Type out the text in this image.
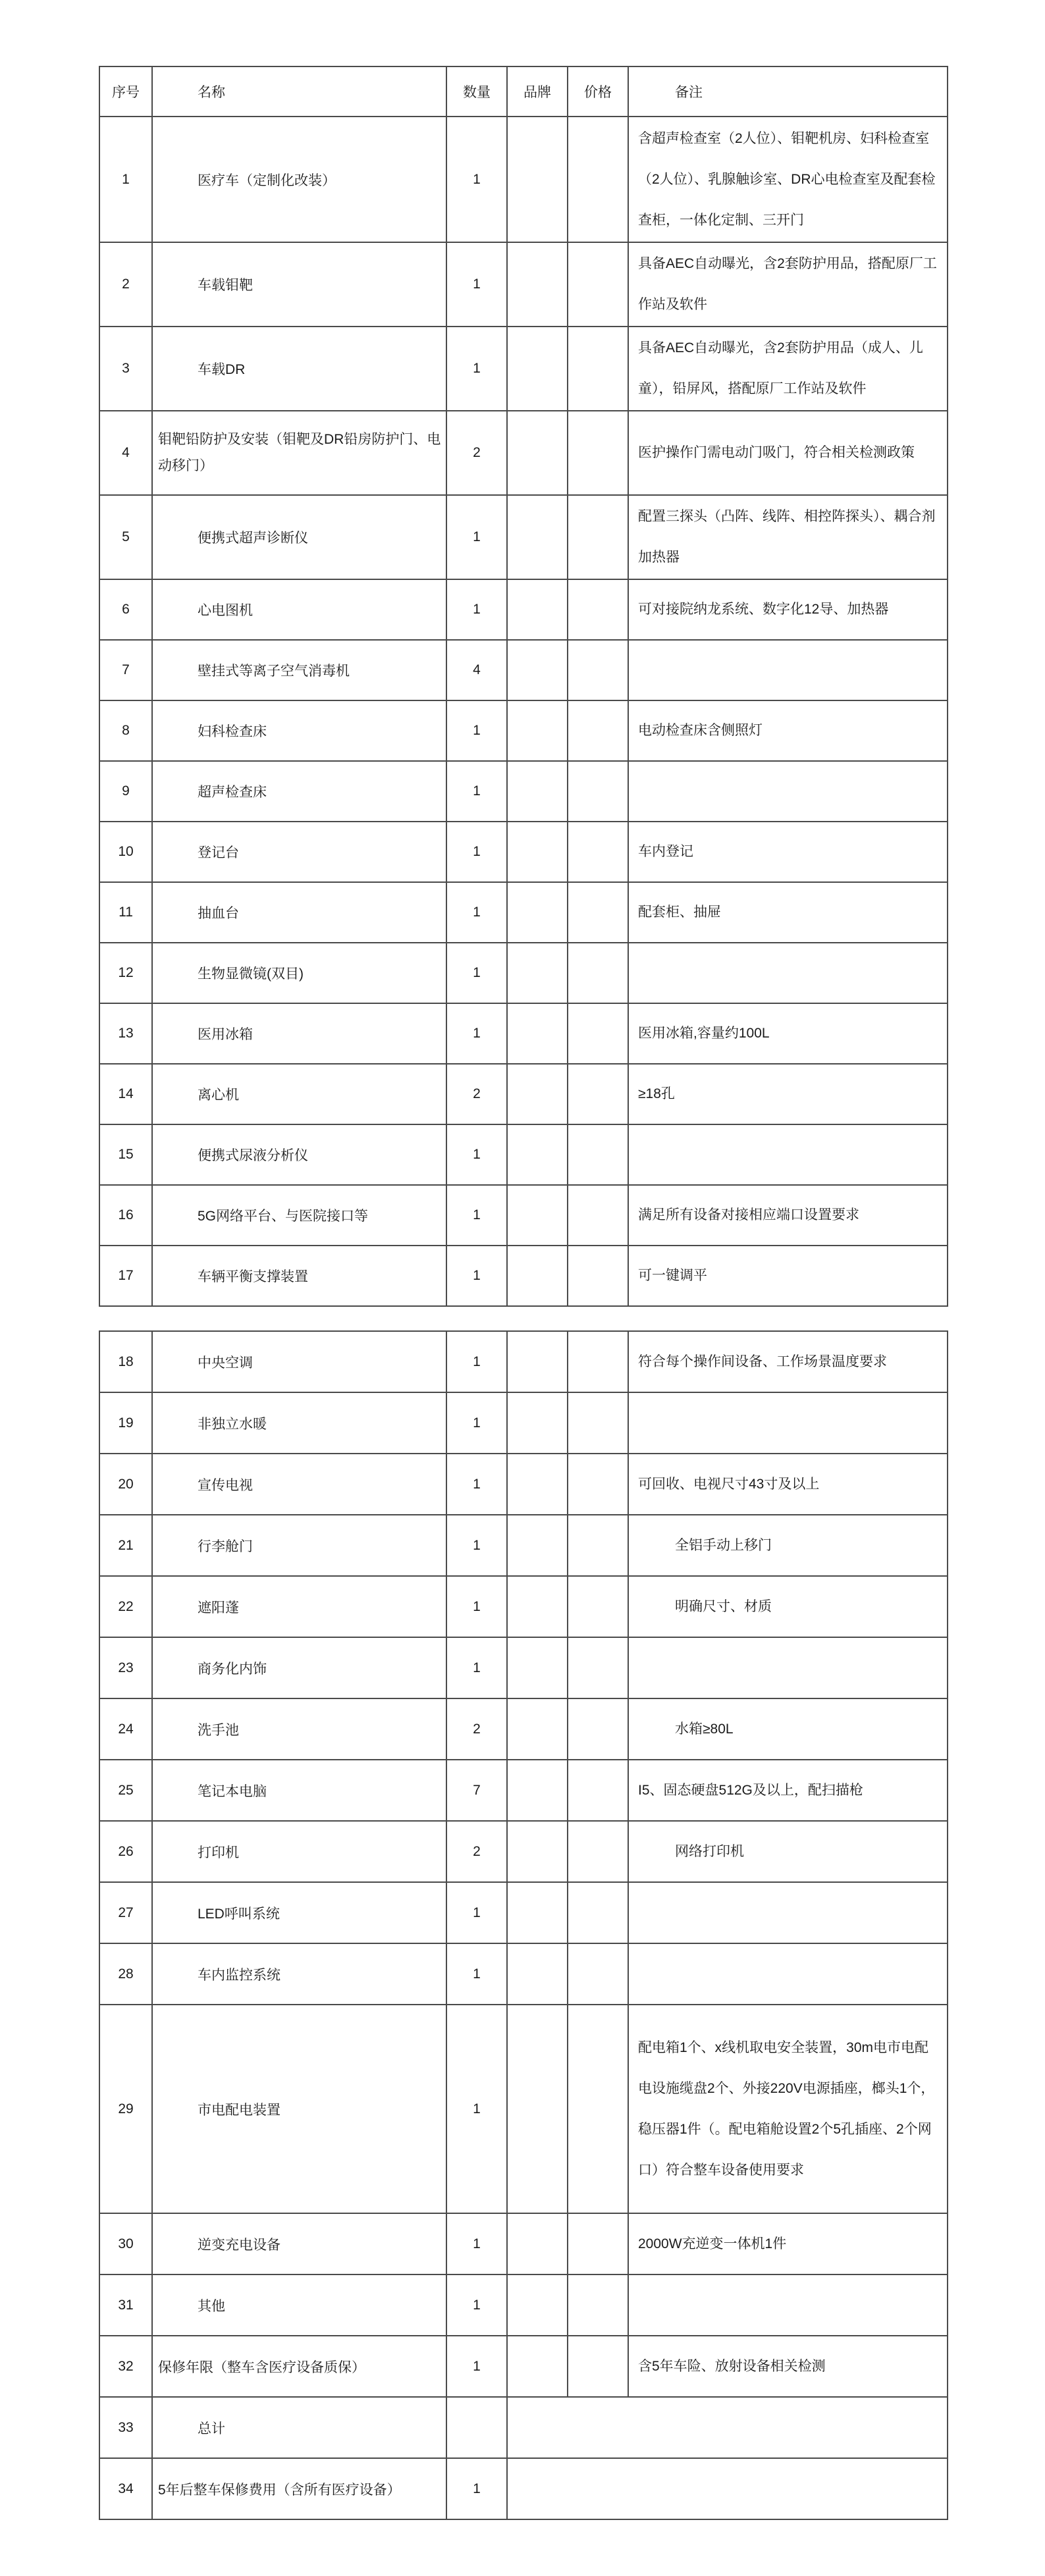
序号	名称	数量	品牌	价格	备注
1	医疗车（定制化改装）	1			含超声检查室（2人位）、钼靶机房、妇科检查室（2人位）、乳腺触诊室、DR心电检查室及配套检查柜，一体化定制、三开门
2	车载钼靶	1			具备AEC自动曝光，含2套防护用品，搭配原厂工作站及软件
3	车载DR	1			具备AEC自动曝光，含2套防护用品（成人、儿童），铅屏风，搭配原厂工作站及软件
4	钼靶铅防护及安装（钼靶及DR铅房防护门、电动移门）	2			医护操作门需电动门吸门，符合相关检测政策
5	便携式超声诊断仪	1			配置三探头（凸阵、线阵、相控阵探头）、耦合剂加热器
6	心电图机	1			可对接院纳龙系统、数字化12导、加热器
7	壁挂式等离子空气消毒机	4			
8	妇科检查床	1			电动检查床含侧照灯
9	超声检查床	1			
10	登记台	1			车内登记
11	抽血台	1			配套柜、抽屉
12	生物显微镜(双目)	1			
13	医用冰箱	1			医用冰箱,容量约100L
14	离心机	2			≥18孔
15	便携式尿液分析仪	1			
16	5G网络平台、与医院接口等	1			满足所有设备对接相应端口设置要求
17	车辆平衡支撑装置	1			可一键调平
18	中央空调	1			符合每个操作间设备、工作场景温度要求
19	非独立水暖	1			
20	宣传电视	1			可回收、电视尺寸43寸及以上
21	行李舱门	1			全铝手动上移门
22	遮阳蓬	1			明确尺寸、材质
23	商务化内饰	1			
24	洗手池	2			水箱≥80L
25	笔记本电脑	7			I5、固态硬盘512G及以上，配扫描枪
26	打印机	2			网络打印机
27	LED呼叫系统	1			
28	车内监控系统	1			
29	市电配电装置	1			配电箱1个、x线机取电安全装置，30m电市电配电设施缆盘2个、外接220V电源插座，榔头1个，稳压器1件（。配电箱舱设置2个5孔插座、2个网口）符合整车设备使用要求
30	逆变充电设备	1			2000W充逆变一体机1件
31	其他	1			
32	保修年限（整车含医疗设备质保）	1			含5年车险、放射设备相关检测
33	总计				
34	5年后整车保修费用（含所有医疗设备）	1			
